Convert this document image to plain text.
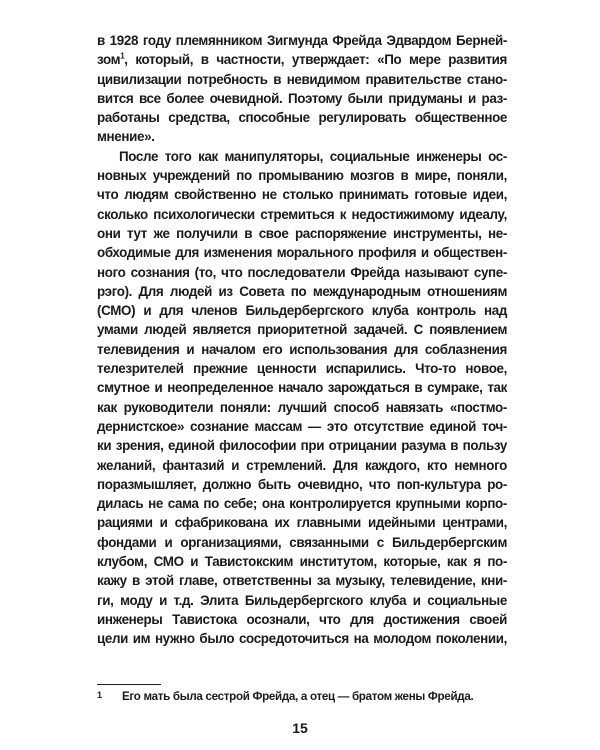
в 1928 году племянником Зигмунда Фрейда Эдвардом Берней-
зом$^1$, который, в частности, утверждает: «По мере развития
цивилизации потребность в невидимом правительстве стано-
вится все более очевидной. Поэтому были придуманы и раз-
работаны средства, способные регулировать общественное
мнение».
После того как манипуляторы, социальные инженеры ос-
новных учреждений по промыванию мозгов в мире, поняли,
что людям свойственно не столько принимать готовые идеи,
сколько психологически стремиться к недостижимому идеалу,
они тут же получили в свое распоряжение инструменты, не-
обходимые для изменения морального профиля и обществен-
ного сознания (то, что последователи Фрейда называют супе-
рэго). Для людей из Совета по международным отношениям
(СМО) и для членов Бильдербергского клуба контроль над
умами людей является приоритетной задачей. С появлением
телевидения и началом его использования для соблазнения
телезрителей прежние ценности испарились. Что-то новое,
смутное и неопределенное начало зарождаться в сумраке, так
как руководители поняли: лучший способ навязать «постмо-
дернистское» сознание массам — это отсутствие единой точ-
ки зрения, единой философии при отрицании разума в пользу
желаний, фантазий и стремлений. Для каждого, кто немного
поразмышляет, должно быть очевидно, что поп-культура ро-
дилась не сама по себе; она контролируется крупными корпо-
рациями и сфабрикована их главными идейными центрами,
фондами и организациями, связанными с Бильдербергским
клубом, СМО и Тавистокским институтом, которые, как я по-
кажу в этой главе, ответственны за музыку, телевидение, кни-
ги, моду и т.д. Элита Бильдербергского клуба и социальные
инженеры Тавистока осознали, что для достижения своей
цели им нужно было сосредоточиться на молодом поколении,
1 Его мать была сестрой Фрейда, а отец — братом жены Фрейда.
15
